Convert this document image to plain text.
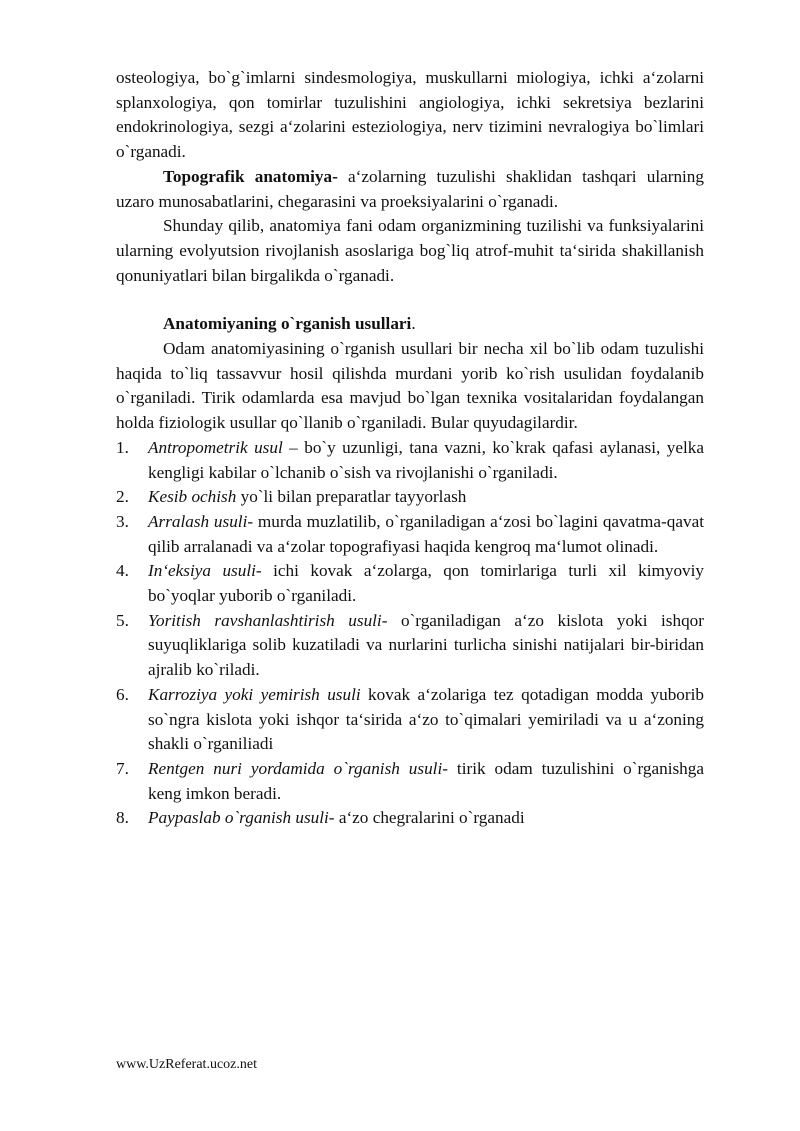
osteologiya, bo`g`imlarni sindesmologiya, muskullarni miologiya, ichki a‘zolarni splanxologiya, qon tomirlar tuzulishini angiologiya, ichki sekretsiya bezlarini endokrinologiya, sezgi a‘zolarini esteziologiya, nerv tizimini nevralogiya bo`limlari o`rganadi.

Topografik anatomiya- a‘zolarning tuzulishi shaklidan tashqari ularning uzaro munosabatlarini, chegarasini va proeksiyalarini o`rganadi.

Shunday qilib, anatomiya fani odam organizmining tuzilishi va funksiyalarini ularning evolyutsion rivojlanish asoslariga bog`liq atrof-muhit ta‘sirida shakillanish qonuniyatlari bilan birgalikda o`rganadi.

Anatomiyaning o`rganish usullari.

Odam anatomiyasining o`rganish usullari bir necha xil bo`lib odam tuzulishi haqida to`liq tassavvur hosil qilishda murdani yorib ko`rish usulidan foydalanib o`rganiladi. Tirik odamlarda esa mavjud bo`lgan texnika vositalaridan foydalangan holda fiziologik usullar qo`llanib o`rganiladi. Bular quyudagilardir.

1. Antropometrik usul – bo`y uzunligi, tana vazni, ko`krak qafasi aylanasi, yelka kengligi kabilar o`lchanib o`sish va rivojlanishi o`rganiladi.
2. Kesib ochish yo`li bilan preparatlar tayyorlash
3. Arralash usuli- murda muzlatilib, o`rganiladigan a‘zosi bo`lagini qavatma-qavat qilib arralanadi va a‘zolar topografiyasi haqida kengroq ma‘lumot olinadi.
4. In‘eksiya usuli- ichi kovak a‘zolarga, qon tomirlariga turli xil kimyoviy bo`yoqlar yuborib o`rganiladi.
5. Yoritish ravshanlashtirish usuli- o`rganiladigan a‘zo kislota yoki ishqor suyuqliklariga solib kuzatiladi va nurlarini turlicha sinishi natijalari bir-biridan ajralib ko`riladi.
6. Karroziya yoki yemirish usuli kovak a‘zolariga tez qotadigan modda yuborib so`ngra kislota yoki ishqor ta‘sirida a‘zo to`qimalari yemiriladi va u a‘zoning shakli o`rganiliadi
7. Rentgen nuri yordamida o`rganish usuli- tirik odam tuzulishini o`rganishga keng imkon beradi.
8. Paypaslab o`rganish usuli- a‘zo chegralarini o`rganadi
www.UzReferat.ucoz.net
